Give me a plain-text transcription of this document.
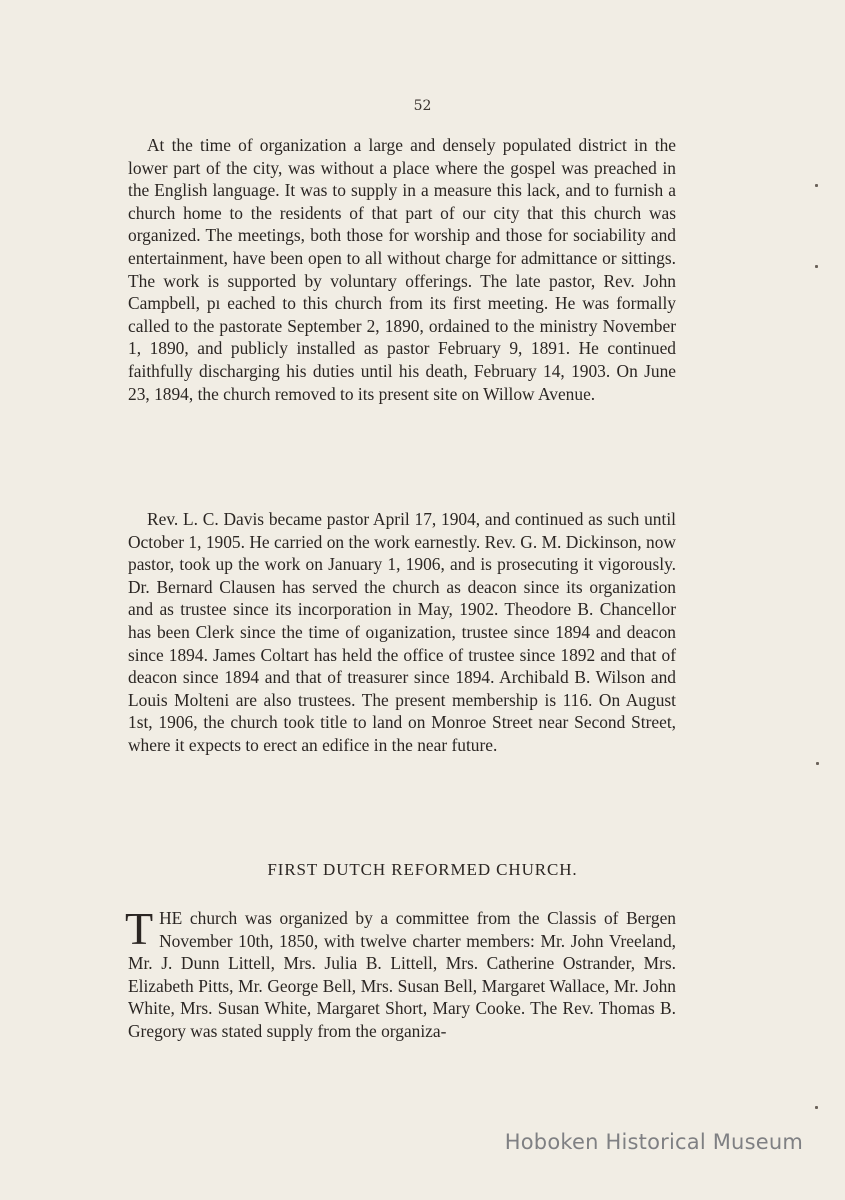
52

At the time of organization a large and densely populated district in the lower part of the city, was without a place where the gospel was preached in the English language. It was to supply in a measure this lack, and to furnish a church home to the residents of that part of our city that this church was organized. The meetings, both those for worship and those for sociability and entertainment, have been open to all without charge for admittance or sittings. The work is supported by voluntary offerings. The late pastor, Rev. John Campbell, pı eached to this church from its first meeting. He was formally called to the pastorate September 2, 1890, ordained to the ministry November 1, 1890, and publicly installed as pastor February 9, 1891. He continued faithfully discharging his duties until his death, February 14, 1903. On June 23, 1894, the church removed to its present site on Willow Avenue.

Rev. L. C. Davis became pastor April 17, 1904, and continued as such until October 1, 1905. He carried on the work earnestly. Rev. G. M. Dickinson, now pastor, took up the work on January 1, 1906, and is prosecuting it vigorously. Dr. Bernard Clausen has served the church as deacon since its organization and as trustee since its incorporation in May, 1902. Theodore B. Chancellor has been Clerk since the time of oıganization, trustee since 1894 and deacon since 1894. James Coltart has held the office of trustee since 1892 and that of deacon since 1894 and that of treasurer since 1894. Archibald B. Wilson and Louis Molteni are also trustees. The present membership is 116. On August 1st, 1906, the church took title to land on Monroe Street near Second Street, where it expects to erect an edifice in the near future.

FIRST DUTCH REFORMED CHURCH.
T HE church was organized by a committee from the Classis of Bergen November 10th, 1850, with twelve charter members: Mr. John Vreeland, Mr. J. Dunn Littell, Mrs. Julia B. Littell, Mrs. Catherine Ostrander, Mrs. Elizabeth Pitts, Mr. George Bell, Mrs. Susan Bell, Margaret Wallace, Mr. John White, Mrs. Susan White, Margaret Short, Mary Cooke. The Rev. Thomas B. Gregory was stated supply from the organiza-

Hoboken Historical Museum
